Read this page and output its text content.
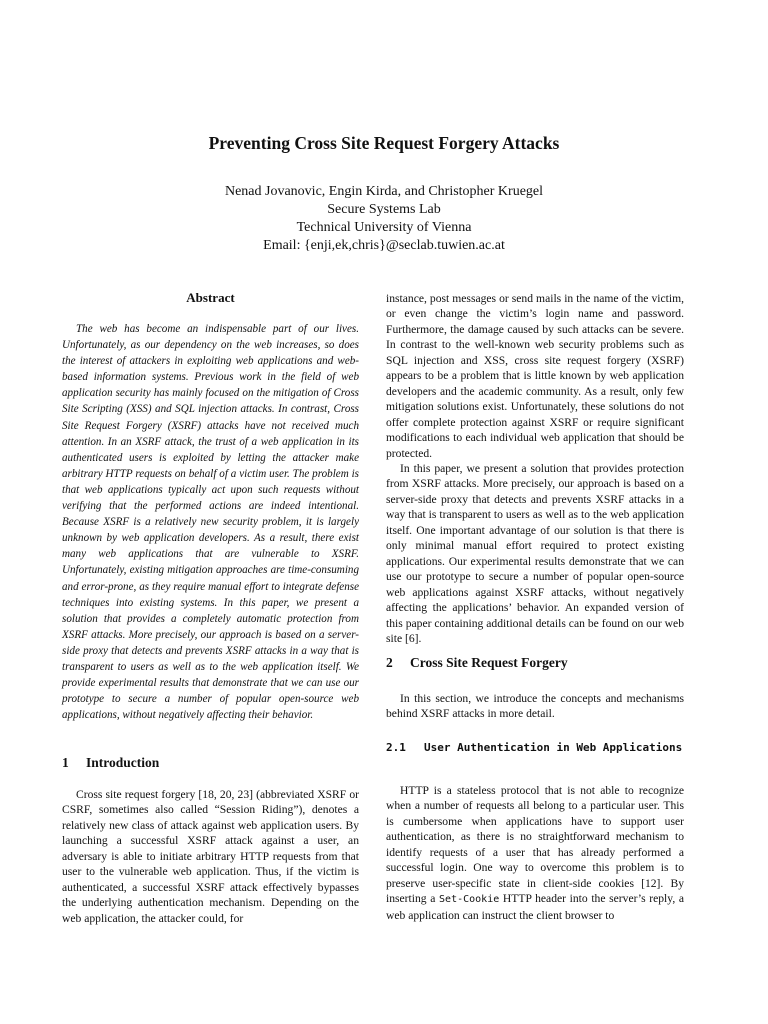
Preventing Cross Site Request Forgery Attacks
Nenad Jovanovic, Engin Kirda, and Christopher Kruegel
Secure Systems Lab
Technical University of Vienna
Email: {enji,ek,chris}@seclab.tuwien.ac.at
Abstract

The web has become an indispensable part of our lives. Unfortunately, as our dependency on the web increases, so does the interest of attackers in exploiting web applications and web-based information systems. Previous work in the field of web application security has mainly focused on the mitigation of Cross Site Scripting (XSS) and SQL injection attacks. In contrast, Cross Site Request Forgery (XSRF) attacks have not received much attention. In an XSRF attack, the trust of a web application in its authenticated users is exploited by letting the attacker make arbitrary HTTP requests on behalf of a victim user. The problem is that web applications typically act upon such requests without verifying that the performed actions are indeed intentional. Because XSRF is a relatively new security problem, it is largely unknown by web application developers. As a result, there exist many web applications that are vulnerable to XSRF. Unfortunately, existing mitigation approaches are time-consuming and error-prone, as they require manual effort to integrate defense techniques into existing systems. In this paper, we present a solution that provides a completely automatic protection from XSRF attacks. More precisely, our approach is based on a server-side proxy that detects and prevents XSRF attacks in a way that is transparent to users as well as to the web application itself. We provide experimental results that demonstrate that we can use our prototype to secure a number of popular open-source web applications, without negatively affecting their behavior.

1 Introduction

Cross site request forgery [18, 20, 23] (abbreviated XSRF or CSRF, sometimes also called “Session Riding”), denotes a relatively new class of attack against web application users. By launching a successful XSRF attack against a user, an adversary is able to initiate arbitrary HTTP requests from that user to the vulnerable web application. Thus, if the victim is authenticated, a successful XSRF attack effectively bypasses the underlying authentication mechanism. Depending on the web application, the attacker could, for

instance, post messages or send mails in the name of the victim, or even change the victim’s login name and password. Furthermore, the damage caused by such attacks can be severe. In contrast to the well-known web security problems such as SQL injection and XSS, cross site request forgery (XSRF) appears to be a problem that is little known by web application developers and the academic community. As a result, only few mitigation solutions exist. Unfortunately, these solutions do not offer complete protection against XSRF or require significant modifications to each individual web application that should be protected.

In this paper, we present a solution that provides protection from XSRF attacks. More precisely, our approach is based on a server-side proxy that detects and prevents XSRF attacks in a way that is transparent to users as well as to the web application itself. One important advantage of our solution is that there is only minimal manual effort required to protect existing applications. Our experimental results demonstrate that we can use our prototype to secure a number of popular open-source web applications against XSRF attacks, without negatively affecting the applications’ behavior. An expanded version of this paper containing additional details can be found on our web site [6].

2 Cross Site Request Forgery

In this section, we introduce the concepts and mechanisms behind XSRF attacks in more detail.

2.1 User Authentication in Web Applications

HTTP is a stateless protocol that is not able to recognize when a number of requests all belong to a particular user. This is cumbersome when applications have to support user authentication, as there is no straightforward mechanism to identify requests of a user that has already performed a successful login. One way to overcome this problem is to preserve user-specific state in client-side cookies [12]. By inserting a Set-Cookie HTTP header into the server’s reply, a web application can instruct the client browser to
